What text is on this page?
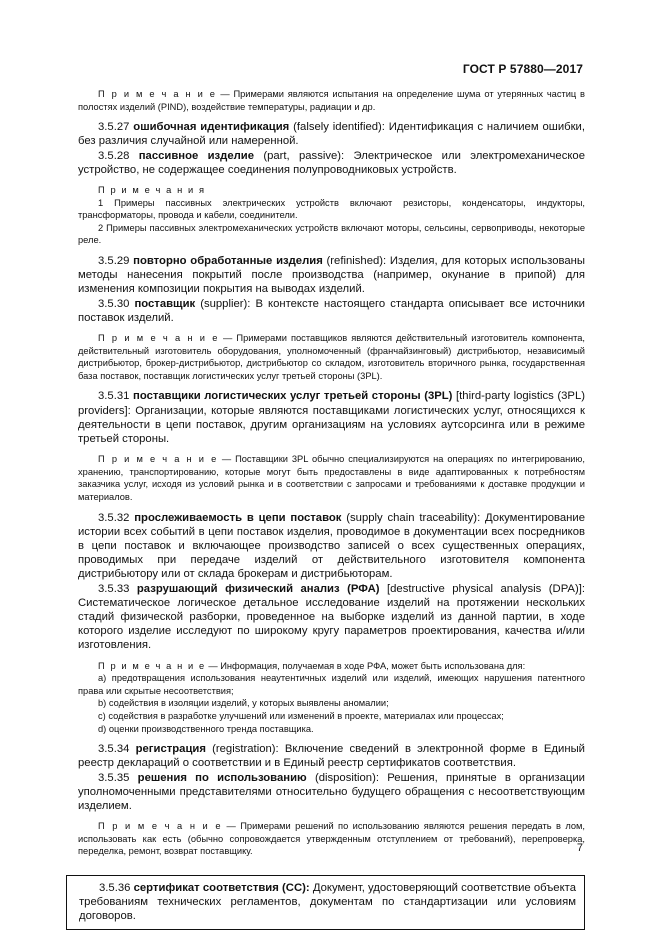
ГОСТ Р 57880—2017

П р и м е ч а н и е — Примерами являются испытания на определение шума от утерянных частиц в полостях изделий (PIND), воздействие температуры, радиации и др.

3.5.27 ошибочная идентификация (falsely identified): Идентификация с наличием ошибки, без различия случайной или намеренной.

3.5.28 пассивное изделие (part, passive): Электрическое или электромеханическое устройство, не содержащее соединения полупроводниковых устройств.

П р и м е ч а н и я

1 Примеры пассивных электрических устройств включают резисторы, конденсаторы, индукторы, трансформаторы, провода и кабели, соединители.

2 Примеры пассивных электромеханических устройств включают моторы, сельсины, сервоприводы, некоторые реле.

3.5.29 повторно обработанные изделия (refinished): Изделия, для которых использованы методы нанесения покрытий после производства (например, окунание в припой) для изменения композиции покрытия на выводах изделий.

3.5.30 поставщик (supplier): В контексте настоящего стандарта описывает все источники поставок изделий.

П р и м е ч а н и е — Примерами поставщиков являются действительный изготовитель компонента, действительный изготовитель оборудования, уполномоченный (франчайзинговый) дистрибьютор, независимый дистрибьютор, брокер-дистрибьютор, дистрибьютор со складом, изготовитель вторичного рынка, государственная база поставок, поставщик логистических услуг третьей стороны (3PL).

3.5.31 поставщики логистических услуг третьей стороны (3PL) [third-party logistics (3PL) providers]: Организации, которые являются поставщиками логистических услуг, относящихся к деятельности в цепи поставок, другим организациям на условиях аутсорсинга или в режиме третьей стороны.

П р и м е ч а н и е — Поставщики 3PL обычно специализируются на операциях по интегрированию, хранению, транспортированию, которые могут быть предоставлены в виде адаптированных к потребностям заказчика услуг, исходя из условий рынка и в соответствии с запросами и требованиями к доставке продукции и материалов.

3.5.32 прослеживаемость в цепи поставок (supply chain traceability): Документирование истории всех событий в цепи поставок изделия, проводимое в документации всех посредников в цепи поставок и включающее производство записей о всех существенных операциях, проводимых при передаче изделий от действительного изготовителя компонента дистрибьютору или от склада брокерам и дистрибьюторам.

3.5.33 разрушающий физический анализ (РФА) [destructive physical analysis (DPA)]: Систематическое логическое детальное исследование изделий на протяжении нескольких стадий физической разборки, проведенное на выборке изделий из данной партии, в ходе которого изделие исследуют по широкому кругу параметров проектирования, качества и/или изготовления.

П р и м е ч а н и е — Информация, получаемая в ходе РФА, может быть использована для:

a) предотвращения использования неаутентичных изделий или изделий, имеющих нарушения патентного права или скрытые несоответствия;

b) содействия в изоляции изделий, у которых выявлены аномалии;

c) содействия в разработке улучшений или изменений в проекте, материалах или процессах;

d) оценки производственного тренда поставщика.

3.5.34 регистрация (registration): Включение сведений в электронной форме в Единый реестр деклараций о соответствии и в Единый реестр сертификатов соответствия.

3.5.35 решения по использованию (disposition): Решения, принятые в организации уполномоченными представителями относительно будущего обращения с несоответствующим изделием.

П р и м е ч а н и е — Примерами решений по использованию являются решения передать в лом, использовать как есть (обычно сопровождается утвержденным отступлением от требований), перепроверка, переделка, ремонт, возврат поставщику.

3.5.36 сертификат соответствия (СС): Документ, удостоверяющий соответствие объекта требованиям технических регламентов, документам по стандартизации или условиям договоров.

7
